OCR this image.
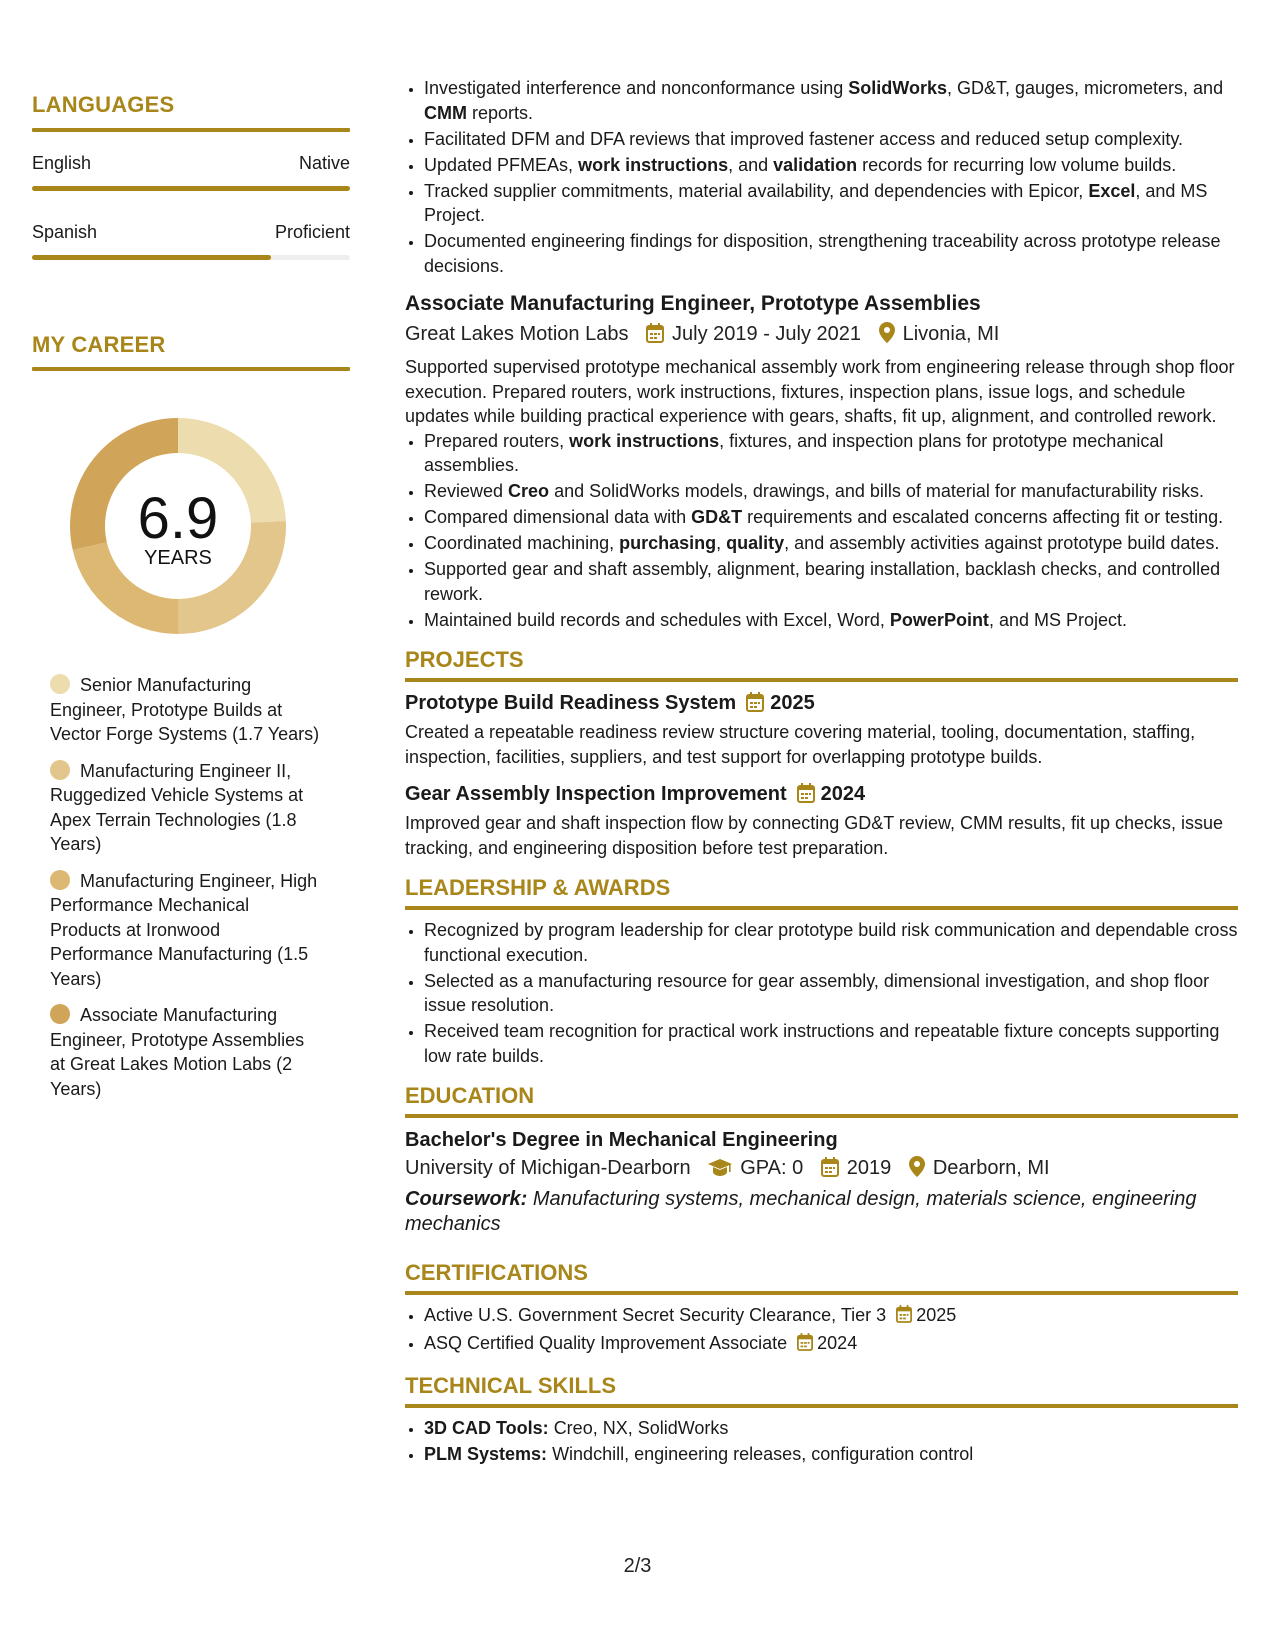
LANGUAGES
English	Native
Spanish	Proficient
MY CAREER
6.9
YEARS
Senior Manufacturing Engineer, Prototype Builds at Vector Forge Systems (1.7 Years)
Manufacturing Engineer II, Ruggedized Vehicle Systems at Apex Terrain Technologies (1.8 Years)
Manufacturing Engineer, High Performance Mechanical Products at Ironwood Performance Manufacturing (1.5 Years)
Associate Manufacturing Engineer, Prototype Assemblies at Great Lakes Motion Labs (2 Years)
• Investigated interference and nonconformance using SolidWorks, GD&T, gauges, micrometers, and CMM reports.
• Facilitated DFM and DFA reviews that improved fastener access and reduced setup complexity.
• Updated PFMEAs, work instructions, and validation records for recurring low volume builds.
• Tracked supplier commitments, material availability, and dependencies with Epicor, Excel, and MS Project.
• Documented engineering findings for disposition, strengthening traceability across prototype release decisions.
Associate Manufacturing Engineer, Prototype Assemblies
Great Lakes Motion Labs July 2019 - July 2021 Livonia, MI
Supported supervised prototype mechanical assembly work from engineering release through shop floor execution. Prepared routers, work instructions, fixtures, inspection plans, issue logs, and schedule updates while building practical experience with gears, shafts, fit up, alignment, and controlled rework.
• Prepared routers, work instructions, fixtures, and inspection plans for prototype mechanical assemblies.
• Reviewed Creo and SolidWorks models, drawings, and bills of material for manufacturability risks.
• Compared dimensional data with GD&T requirements and escalated concerns affecting fit or testing.
• Coordinated machining, purchasing, quality, and assembly activities against prototype build dates.
• Supported gear and shaft assembly, alignment, bearing installation, backlash checks, and controlled rework.
• Maintained build records and schedules with Excel, Word, PowerPoint, and MS Project.
PROJECTS
Prototype Build Readiness System 2025
Created a repeatable readiness review structure covering material, tooling, documentation, staffing, inspection, facilities, suppliers, and test support for overlapping prototype builds.
Gear Assembly Inspection Improvement 2024
Improved gear and shaft inspection flow by connecting GD&T review, CMM results, fit up checks, issue tracking, and engineering disposition before test preparation.
LEADERSHIP & AWARDS
• Recognized by program leadership for clear prototype build risk communication and dependable cross functional execution.
• Selected as a manufacturing resource for gear assembly, dimensional investigation, and shop floor issue resolution.
• Received team recognition for practical work instructions and repeatable fixture concepts supporting low rate builds.
EDUCATION
Bachelor's Degree in Mechanical Engineering
University of Michigan-Dearborn GPA: 0 2019 Dearborn, MI
Coursework: Manufacturing systems, mechanical design, materials science, engineering mechanics
CERTIFICATIONS
• Active U.S. Government Secret Security Clearance, Tier 3 2025
• ASQ Certified Quality Improvement Associate 2024
TECHNICAL SKILLS
• 3D CAD Tools: Creo, NX, SolidWorks
• PLM Systems: Windchill, engineering releases, configuration control
2/3
